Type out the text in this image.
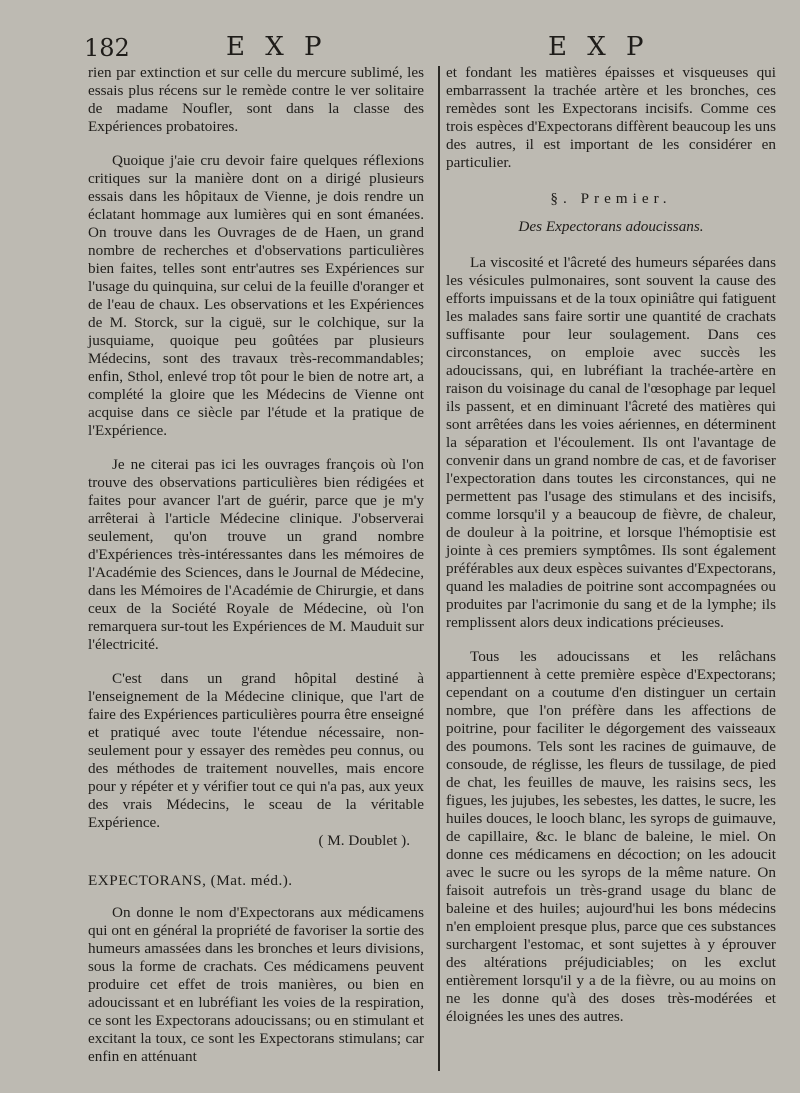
182	E X P	E X P

rien par extinction et sur celle du mercure sublimé, les essais plus récens sur le remède contre le ver solitaire de madame Noufler, sont dans la classe des Expériences probatoires.

Quoique j'aie cru devoir faire quelques réflexions critiques sur la manière dont on a dirigé plusieurs essais dans les hôpitaux de Vienne, je dois rendre un éclatant hommage aux lumières qui en sont émanées. On trouve dans les Ouvrages de de Haen, un grand nombre de recherches et d'observations particulières bien faites, telles sont entr'autres ses Expériences sur l'usage du quinquina, sur celui de la feuille d'oranger et de l'eau de chaux. Les observations et les Expériences de M. Storck, sur la ciguë, sur le colchique, sur la jusquiame, quoique peu goûtées par plusieurs Médecins, sont des travaux très-recommandables; enfin, Sthol, enlevé trop tôt pour le bien de notre art, a complété la gloire que les Médecins de Vienne ont acquise dans ce siècle par l'étude et la pratique de l'Expérience.

Je ne citerai pas ici les ouvrages françois où l'on trouve des observations particulières bien rédigées et faites pour avancer l'art de guérir, parce que je m'y arrêterai à l'article Médecine clinique. J'observerai seulement, qu'on trouve un grand nombre d'Expériences très-intéressantes dans les mémoires de l'Académie des Sciences, dans le Journal de Médecine, dans les Mémoires de l'Académie de Chirurgie, et dans ceux de la Société Royale de Médecine, où l'on remarquera sur-tout les Expériences de M. Mauduit sur l'électricité.

C'est dans un grand hôpital destiné à l'enseignement de la Médecine clinique, que l'art de faire des Expériences particulières pourra être enseigné et pratiqué avec toute l'étendue nécessaire, non-seulement pour y essayer des remèdes peu connus, ou des méthodes de traitement nouvelles, mais encore pour y répéter et y vérifier tout ce qui n'a pas, aux yeux des vrais Médecins, le sceau de la véritable Expérience.

( M. Doublet ).
EXPECTORANS, (Mat. méd.).

On donne le nom d'Expectorans aux médicamens qui ont en général la propriété de favoriser la sortie des humeurs amassées dans les bronches et leurs divisions, sous la forme de crachats. Ces médicamens peuvent produire cet effet de trois manières, ou bien en adoucissant et en lubréfiant les voies de la respiration, ce sont les Expectorans adoucissans; ou en stimulant et excitant la toux, ce sont les Expectorans stimulans; car enfin en atténuant

et fondant les matières épaisses et visqueuses qui embarrassent la trachée artère et les bronches, ces remèdes sont les Expectorans incisifs. Comme ces trois espèces d'Expectorans diffèrent beaucoup les uns des autres, il est important de les considérer en particulier.

§. Premier.
Des Expectorans adoucissans.

La viscosité et l'âcreté des humeurs séparées dans les vésicules pulmonaires, sont souvent la cause des efforts impuissans et de la toux opiniâtre qui fatiguent les malades sans faire sortir une quantité de crachats suffisante pour leur soulagement. Dans ces circonstances, on emploie avec succès les adoucissans, qui, en lubréfiant la trachée-artère en raison du voisinage du canal de l'œsophage par lequel ils passent, et en diminuant l'âcreté des matières qui sont arrêtées dans les voies aériennes, en déterminent la séparation et l'écoulement. Ils ont l'avantage de convenir dans un grand nombre de cas, et de favoriser l'expectoration dans toutes les circonstances, qui ne permettent pas l'usage des stimulans et des incisifs, comme lorsqu'il y a beaucoup de fièvre, de chaleur, de douleur à la poitrine, et lorsque l'hémoptisie est jointe à ces premiers symptômes. Ils sont également préférables aux deux espèces suivantes d'Expectorans, quand les maladies de poitrine sont accompagnées ou produites par l'acrimonie du sang et de la lymphe; ils remplissent alors deux indications précieuses.

Tous les adoucissans et les relâchans appartiennent à cette première espèce d'Expectorans; cependant on a coutume d'en distinguer un certain nombre, que l'on préfère dans les affections de poitrine, pour faciliter le dégorgement des vaisseaux des poumons. Tels sont les racines de guimauve, de consoude, de réglisse, les fleurs de tussilage, de pied de chat, les feuilles de mauve, les raisins secs, les figues, les jujubes, les sebestes, les dattes, le sucre, les huiles douces, le looch blanc, les syrops de guimauve, de capillaire, &c. le blanc de baleine, le miel. On donne ces médicamens en décoction; on les adoucit avec le sucre ou les syrops de la même nature. On faisoit autrefois un très-grand usage du blanc de baleine et des huiles; aujourd'hui les bons médecins n'en emploient presque plus, parce que ces substances surchargent l'estomac, et sont sujettes à y éprouver des altérations préjudiciables; on les exclut entièrement lorsqu'il y a de la fièvre, ou au moins on ne les donne qu'à des doses très-modérées et éloignées les unes des autres.
